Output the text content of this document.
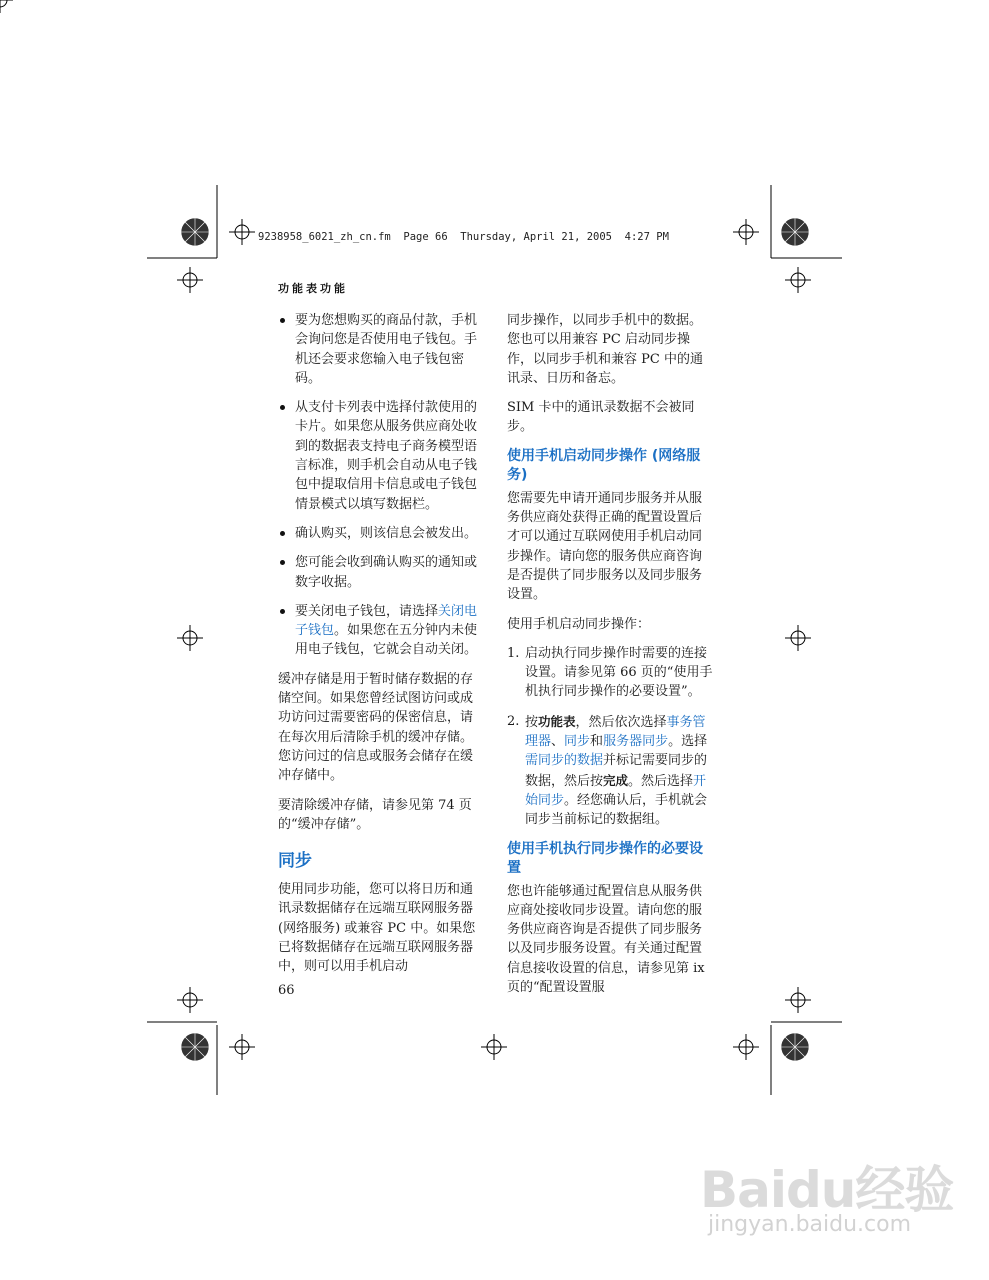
9238958_6021_zh_cn.fm  Page 66  Thursday, April 21, 2005  4:27 PM
功能表功能
要为您想购买的商品付款，手机会询问您是否使用电子钱包。手机还会要求您输入电子钱包密码。
从支付卡列表中选择付款使用的卡片。如果您从服务供应商处收到的数据表支持电子商务模型语言标准，则手机会自动从电子钱包中提取信用卡信息或电子钱包情景模式以填写数据栏。
确认购买，则该信息会被发出。
您可能会收到确认购买的通知或数字收据。
要关闭电子钱包，请选择关闭电子钱包。如果您在五分钟内未使用电子钱包，它就会自动关闭。

缓冲存储是用于暂时储存数据的存储空间。如果您曾经试图访问或成功访问过需要密码的保密信息，请在每次用后清除手机的缓冲存储。您访问过的信息或服务会储存在缓冲存储中。

要清除缓冲存储，请参见第 74 页的“缓冲存储”。

同步

使用同步功能，您可以将日历和通讯录数据储存在远端互联网服务器 (网络服务) 或兼容 PC 中。如果您已将数据储存在远端互联网服务器中，则可以用手机启动

同步操作，以同步手机中的数据。您也可以用兼容 PC 启动同步操作，以同步手机和兼容 PC 中的通讯录、日历和备忘。

SIM 卡中的通讯录数据不会被同步。

使用手机启动同步操作 (网络服务)

您需要先申请开通同步服务并从服务供应商处获得正确的配置设置后才可以通过互联网使用手机启动同步操作。请向您的服务供应商咨询是否提供了同步服务以及同步服务设置。

使用手机启动同步操作：

1. 启动执行同步操作时需要的连接设置。请参见第 66 页的“使用手机执行同步操作的必要设置”。
2. 按功能表，然后依次选择事务管理器、同步和服务器同步。选择需同步的数据并标记需要同步的数据，然后按完成。然后选择开始同步。经您确认后，手机就会同步当前标记的数据组。
使用手机执行同步操作的必要设置

您也许能够通过配置信息从服务供应商处接收同步设置。请向您的服务供应商咨询是否提供了同步服务以及同步服务设置。有关通过配置信息接收设置的信息，请参见第 ix 页的“配置设置服

66
Baidu经验
jingyan.baidu.com
